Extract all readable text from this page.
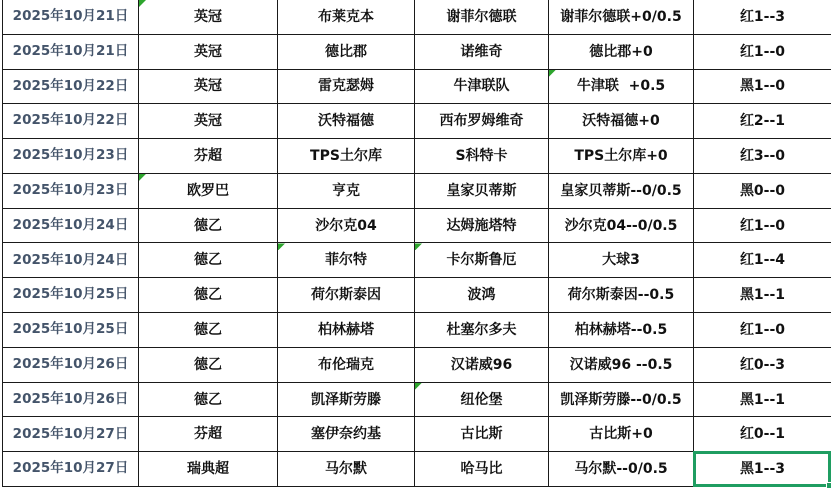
2025年10月21日	英冠	布莱克本	谢菲尔德联	谢菲尔德联+0/0.5	红1--3
2025年10月21日	英冠	德比郡	诺维奇	德比郡+0	红1--0
2025年10月22日	英冠	雷克瑟姆	牛津联队	牛津联  +0.5	黑1--0
2025年10月22日	英冠	沃特福德	西布罗姆维奇	沃特福德+0	红2--1
2025年10月23日	芬超	TPS土尔库	S科特卡	TPS土尔库+0	红3--0
2025年10月23日	欧罗巴	亨克	皇家贝蒂斯	皇家贝蒂斯--0/0.5	黑0--0
2025年10月24日	德乙	沙尔克04	达姆施塔特	沙尔克04--0/0.5	红1--0
2025年10月24日	德乙	菲尔特	卡尔斯鲁厄	大球3	红1--4
2025年10月25日	德乙	荷尔斯泰因	波鸿	荷尔斯泰因--0.5	黑1--1
2025年10月25日	德乙	柏林赫塔	杜塞尔多夫	柏林赫塔--0.5	红1--0
2025年10月26日	德乙	布伦瑞克	汉诺威96	汉诺威96 --0.5	红0--3
2025年10月26日	德乙	凯泽斯劳滕	纽伦堡	凯泽斯劳滕--0/0.5	黑1--1
2025年10月27日	芬超	塞伊奈约基	古比斯	古比斯+0	红0--1
2025年10月27日	瑞典超	马尔默	哈马比	马尔默--0/0.5	黑1--3
